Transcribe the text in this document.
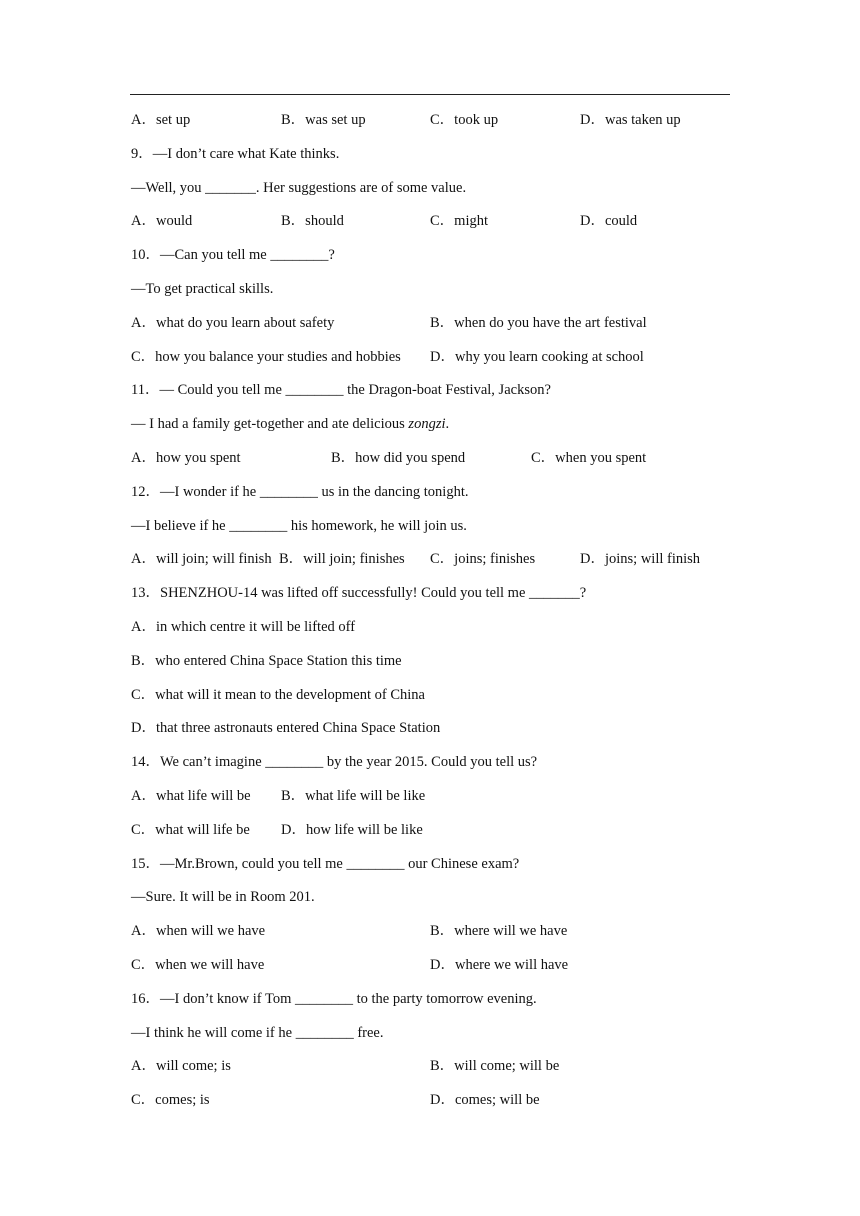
A．set up	B．was set up	C．took up	D．was taken up
9．—I don’t care what Kate thinks.
—Well, you _______. Her suggestions are of some value.
A．would	B．should	C．might	D．could
10．—Can you tell me ________?
—To get practical skills.
A．what do you learn about safety	B．when do you have the art festival
C．how you balance your studies and hobbies D．why you learn cooking at school
11．— Could you tell me ________ the Dragon-boat Festival, Jackson?
— I had a family get-together and ate delicious zongzi.
A．how you spent	B．how did you spend	C．when you spent
12．—I wonder if he ________ us in the dancing tonight.
—I believe if he ________ his homework, he will join us.
A．will join; will finish B．will join; finishes C．joins; finishes	D．joins; will finish
13．SHENZHOU-14 was lifted off successfully! Could you tell me _______?
A．in which centre it will be lifted off
B．who entered China Space Station this time
C．what will it mean to the development of China
D．that three astronauts entered China Space Station
14．We can’t imagine ________ by the year 2015. Could you tell us?
A．what life will be B．what life will be like
C．what will life be D．how life will be like
15．—Mr.Brown, could you tell me ________ our Chinese exam?
—Sure. It will be in Room 201.
A．when will we have	B．where will we have
C．when we will have	D．where we will have
16．—I don’t know if Tom ________ to the party tomorrow evening.
—I think he will come if he ________ free.
A．will come; is	B．will come; will be
C．comes; is	D．comes; will be
